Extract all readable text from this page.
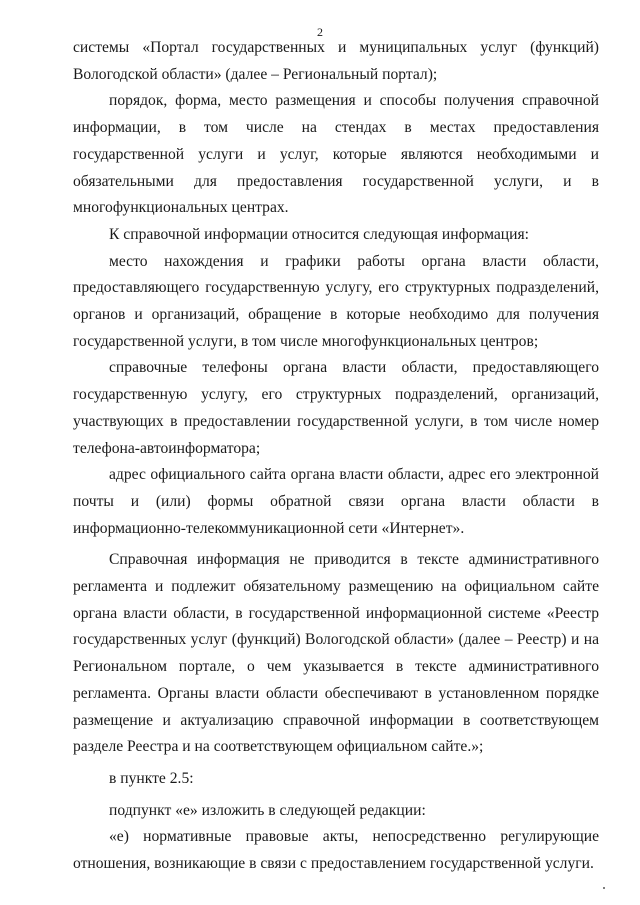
2

системы «Портал государственных и муниципальных услуг (функций) Вологодской области» (далее – Региональный портал);

порядок, форма, место размещения и способы получения справочной информации, в том числе на стендах в местах предоставления государственной услуги и услуг, которые являются необходимыми и обязательными для предоставления государственной услуги, и в многофункциональных центрах.

К справочной информации относится следующая информация:

место нахождения и графики работы органа власти области, предоставляющего государственную услугу, его структурных подразделений, органов и организаций, обращение в которые необходимо для получения государственной услуги, в том числе многофункциональных центров;

справочные телефоны органа власти области, предоставляющего государственную услугу, его структурных подразделений, организаций, участвующих в предоставлении государственной услуги, в том числе номер телефона-автоинформатора;

адрес официального сайта органа власти области, адрес его электронной почты и (или) формы обратной связи органа власти области в информационно-телекоммуникационной сети «Интернет».

Справочная информация не приводится в тексте административного регламента и подлежит обязательному размещению на официальном сайте органа власти области, в государственной информационной системе «Реестр государственных услуг (функций) Вологодской области» (далее – Реестр) и на Региональном портале, о чем указывается в тексте административного регламента. Органы власти области обеспечивают в установленном порядке размещение и актуализацию справочной информации в соответствующем разделе Реестра и на соответствующем официальном сайте.»;

в пункте 2.5:

подпункт «е» изложить в следующей редакции:

«е) нормативные правовые акты, непосредственно регулирующие отношения, возникающие в связи с предоставлением государственной услуги.
